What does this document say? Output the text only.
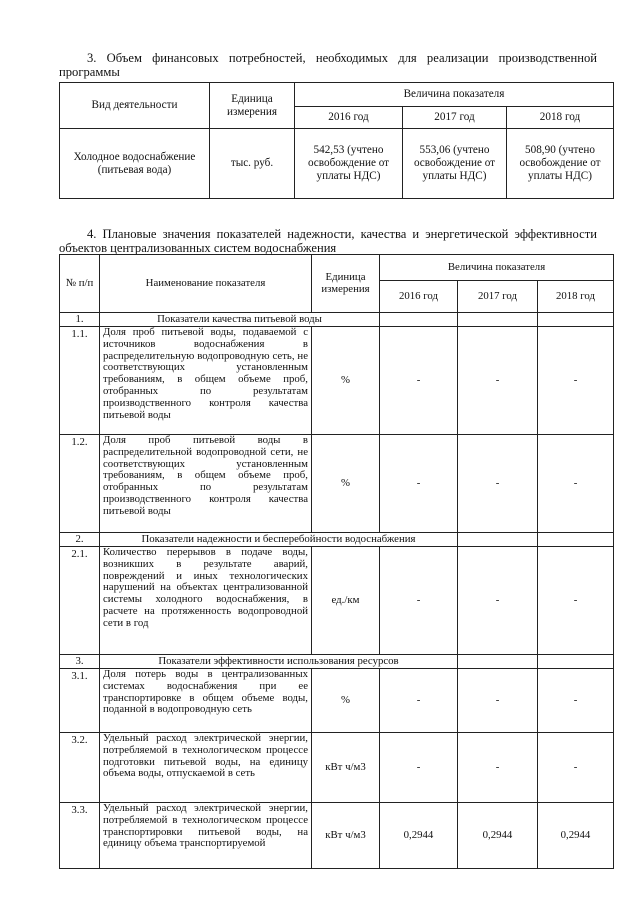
3. Объем финансовых потребностей, необходимых для реализации производственной программы

Вид деятельности	Единица измерения	Величина показателя		
		2016 год	2017 год	2018 год
Холодное водоснабжение (питьевая вода)	тыс. руб.	542,53 (учтено освобождение от уплаты НДС)	553,06 (учтено освобождение от уплаты НДС)	508,90 (учтено освобождение от уплаты НДС)

4. Плановые значения показателей надежности, качества и энергетической эффективности объектов централизованных систем водоснабжения

№ п/п	Наименование показателя	Единица измерения	Величина показателя		
			2016 год	2017 год	2018 год
1.	Показатели качества питьевой воды				
1.1.	Доля проб питьевой воды, подаваемой с источников водоснабжения в распределительную водопроводную сеть, не соответствующих установленным требованиям, в общем объеме проб, отобранных по результатам производственного контроля качества питьевой воды	%	-	-	-
1.2.	Доля проб питьевой воды в распределительной водопроводной сети, не соответствующих установленным требованиям, в общем объеме проб, отобранных по результатам производственного контроля качества питьевой воды	%	-	-	-
2.	Показатели надежности и бесперебойности водоснабжения				
2.1.	Количество перерывов в подаче воды, возникших в результате аварий, повреждений и иных технологических нарушений на объектах централизованной системы холодного водоснабжения, в расчете на протяженность водопроводной сети в год	ед./км	-	-	-
3.	Показатели эффективности использования ресурсов				
3.1.	Доля потерь воды в централизованных системах водоснабжения при ее транспортировке в общем объеме воды, поданной в водопроводную сеть	%	-	-	-
3.2.	Удельный расход электрической энергии, потребляемой в технологическом процессе подготовки питьевой воды, на единицу объема воды, отпускаемой в сеть	кВт ч/м3	-	-	-
3.3.	Удельный расход электрической энергии, потребляемой в технологическом процессе транспортировки питьевой воды, на единицу объема транспортируемой	кВт ч/м3	0,2944	0,2944	0,2944
